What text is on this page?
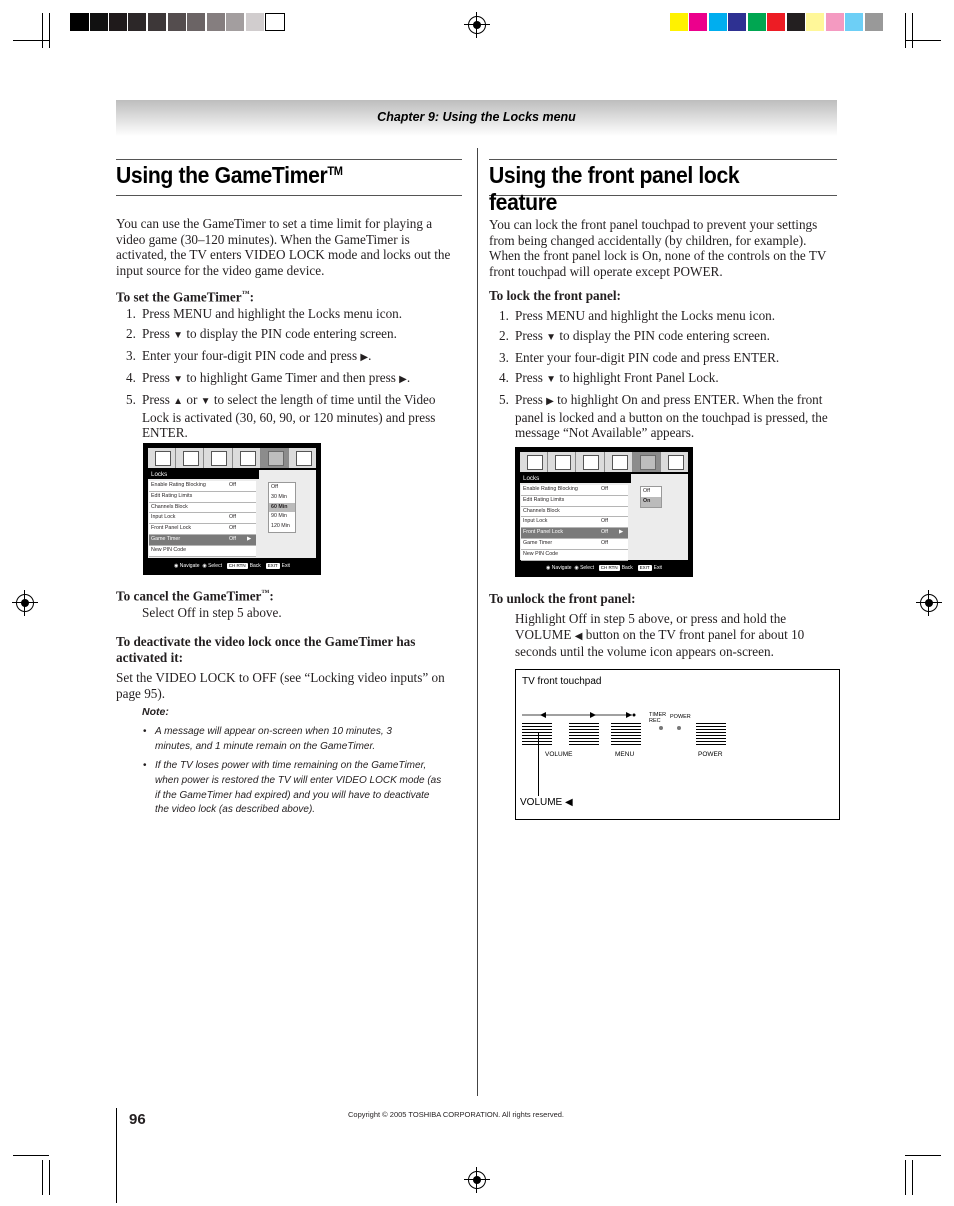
Chapter 9: Using the Locks menu
Using the GameTimer™

You can use the GameTimer to set a time limit for playing a video game (30–120 minutes). When the GameTimer is activated, the TV enters VIDEO LOCK mode and locks out the input source for the video game device.

To set the GameTimer™:
1. Press MENU and highlight the Locks menu icon.
2. Press ▼ to display the PIN code entering screen.
3. Enter your four-digit PIN code and press ▶.
4. Press ▼ to highlight Game Timer and then press ▶.
5. Press ▲ or ▼ to select the length of time until the Video Lock is activated (30, 60, 90, or 120 minutes) and press ENTER.
Locks
Enable Rating Blocking	Off
Edit Rating Limits
Channels Block
Input Lock	Off
Front Panel Lock	Off
Game Timer	Off ▶
New PIN Code
Off
30 Min
60 Min
90 Min
120 Min
◉ Navigate ◉ Select CH RTN Back EXIT Exit
To cancel the GameTimer™:

Select Off in step 5 above.

To deactivate the video lock once the GameTimer has activated it:

Set the VIDEO LOCK to OFF (see “Locking video inputs” on page 95).

Note:
• A message will appear on-screen when 10 minutes, 3 minutes, and 1 minute remain on the GameTimer.
• If the TV loses power with time remaining on the GameTimer, when power is restored the TV will enter VIDEO LOCK mode (as if the GameTimer had expired) and you will have to deactivate the video lock (as described above).
Using the front panel lock feature

You can lock the front panel touchpad to prevent your settings from being changed accidentally (by children, for example). When the front panel lock is On, none of the controls on the TV front touchpad will operate except POWER.

To lock the front panel:
1. Press MENU and highlight the Locks menu icon.
2. Press ▼ to display the PIN code entering screen.
3. Enter your four-digit PIN code and press ENTER.
4. Press ▼ to highlight Front Panel Lock.
5. Press ▶ to highlight On and press ENTER. When the front panel is locked and a button on the touchpad is pressed, the message “Not Available” appears.
Locks
Enable Rating Blocking	Off
Edit Rating Limits
Channels Block
Input Lock	Off
Front Panel Lock	Off ▶
Game Timer	Off
New PIN Code
Off
On
◉ Navigate ◉ Select CH RTN Back EXIT Exit
To unlock the front panel:

Highlight Off in step 5 above, or press and hold the VOLUME ◀ button on the TV front panel for about 10 seconds until the volume icon appears on-screen.

TV front touchpad
VOLUME	MENU	POWER
TIMER
REC
POWER
VOLUME ◀
96	Copyright © 2005 TOSHIBA CORPORATION. All rights reserved.
